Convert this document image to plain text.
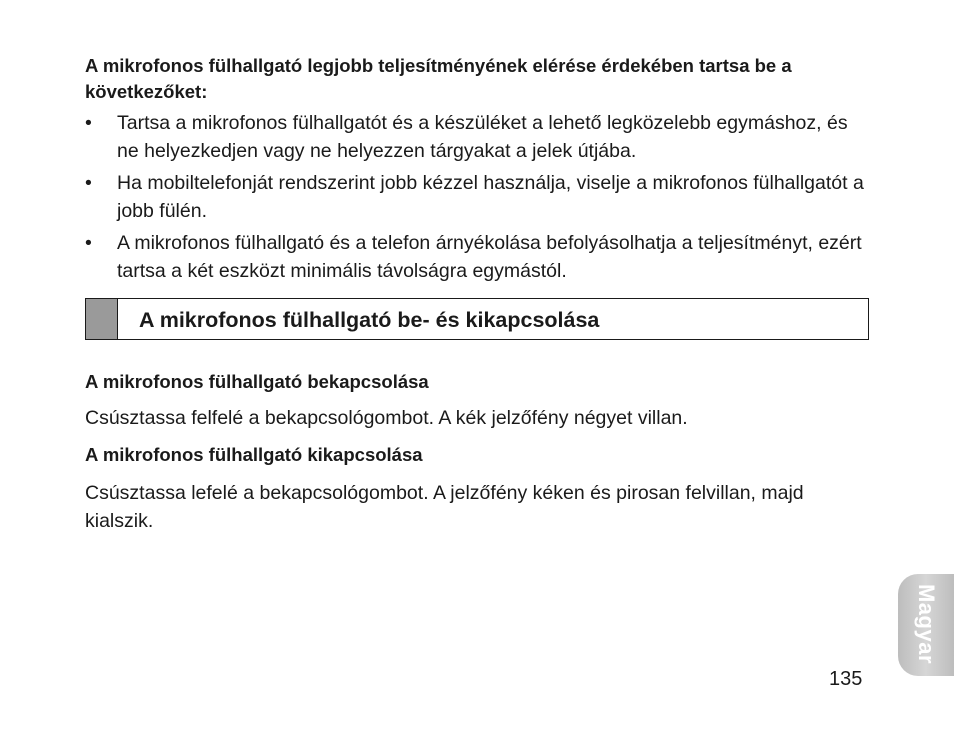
A mikrofonos fülhallgató legjobb teljesítményének elérése érdekében tartsa be a következőket:
•	Tartsa a mikrofonos fülhallgatót és a készüléket a lehető legközelebb egymáshoz, és ne helyezkedjen vagy ne helyezzen tárgyakat a jelek útjába.
•	Ha mobiltelefonját rendszerint jobb kézzel használja, viselje a mikrofonos fülhallgatót a jobb fülén.
•	A mikrofonos fülhallgató és a telefon árnyékolása befolyásolhatja a teljesítményt, ezért tartsa a két eszközt minimális távolságra egymástól.
A mikrofonos fülhallgató be- és kikapcsolása
A mikrofonos fülhallgató bekapcsolása
Csúsztassa felfelé a bekapcsológombot. A kék jelzőfény négyet villan.
A mikrofonos fülhallgató kikapcsolása
Csúsztassa lefelé a bekapcsológombot. A jelzőfény kéken és pirosan felvillan, majd kialszik.
Magyar
135
